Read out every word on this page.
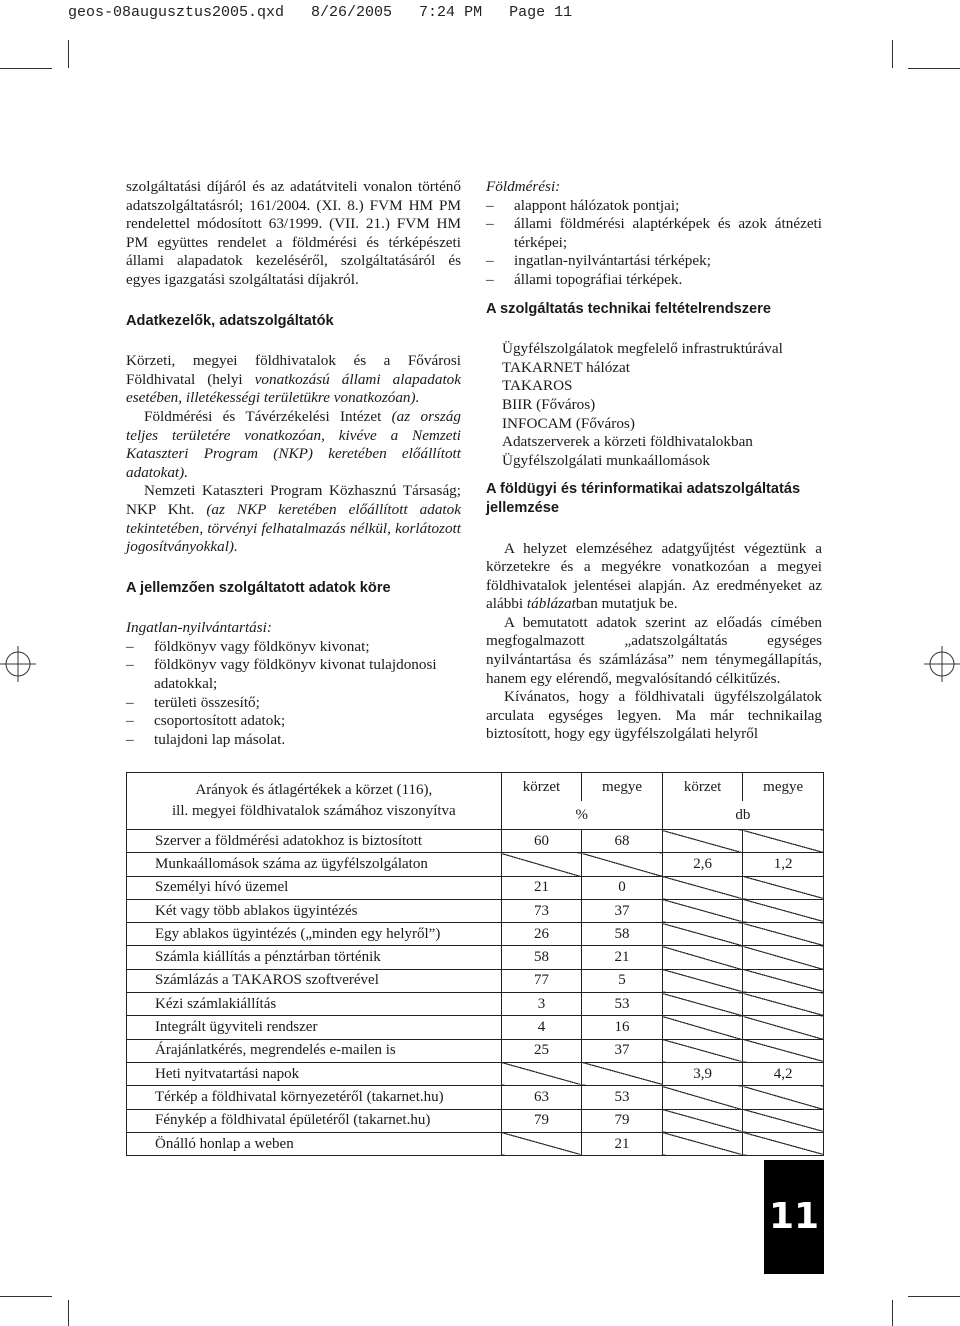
geos-08augusztus2005.qxd   8/26/2005   7:24 PM   Page 11

szolgáltatási díjáról és az adatátviteli vonalon történő adatszolgáltatásról; 161/2004. (XI. 8.) FVM HM PM rendelettel módosított 63/1999. (VII. 21.) FVM HM PM együttes rendelet a földmérési és térképészeti állami alapadatok kezeléséről, szolgáltatásáról és egyes igazgatási szolgáltatási díjakról.

Adatkezelők, adatszolgáltatók

Körzeti, megyei földhivatalok és a Fővárosi Földhivatal (helyi vonatkozású állami alapadatok esetében, illetékességi területükre vonatkozóan).

Földmérési és Távérzékelési Intézet (az ország teljes területére vonatkozóan, kivéve a Nemzeti Kataszteri Program (NKP) keretében előállított adatokat).

Nemzeti Kataszteri Program Közhasznú Társaság; NKP Kht. (az NKP keretében előállított adatok tekintetében, törvényi felhatalmazás nélkül, korlátozott jogosítványokkal).

A jellemzően szolgáltatott adatok köre

Ingatlan-nyilvántartási:

– földkönyv vagy földkönyv kivonat;

– földkönyv vagy földkönyv kivonat tulajdonosi adatokkal;

– területi összesítő;

– csoportosított adatok;

– tulajdoni lap másolat.

Földmérési:

– alappont hálózatok pontjai;

– állami földmérési alaptérképek és azok átnézeti térképei;

– ingatlan-nyilvántartási térképek;

– állami topográfiai térképek.

A szolgáltatás technikai feltételrendszere

Ügyfélszolgálatok megfelelő infrastruktúrával

TAKARNET hálózat

TAKAROS

BIIR (Főváros)

INFOCAM (Főváros)

Adatszerverek a körzeti földhivatalokban

Ügyfélszolgálati munkaállomások

A földügyi és térinformatikai adatszolgáltatás jellemzése

A helyzet elemzéséhez adatgyűjtést végeztünk a körzetekre és a megyékre vonatkozóan a megyei földhivatalok jelentései alapján. Az eredményeket az alábbi táblázatban mutatjuk be.

A bemutatott adatok szerint az előadás címében megfogalmazott „adatszolgáltatás egységes nyilvántartása és számlázása” nem ténymegállapítás, hanem egy elérendő, megvalósítandó célkitűzés.

Kívánatos, hogy a földhivatali ügyfélszolgálatok arculata egységes legyen. Ma már technikailag biztosított, hogy egy ügyfélszolgálati helyről

Arányok és átlagértékek a körzet (116),
ill. megyei földhivatalok számához viszonyítva	körzet	megye	körzet	megye
	%		db	
Szerver a földmérési adatokhoz is biztosított	60	68		
Munkaállomások száma az ügyfélszolgálaton			2,6	1,2
Személyi hívó üzemel	21	0		
Két vagy több ablakos ügyintézés	73	37		
Egy ablakos ügyintézés („minden egy helyről”)	26	58		
Számla kiállítás a pénztárban történik	58	21		
Számlázás a TAKAROS szoftverével	77	5		
Kézi számlakiállítás	3	53		
Integrált ügyviteli rendszer	4	16		
Árajánlatkérés, megrendelés e-mailen is	25	37		
Heti nyitvatartási napok			3,9	4,2
Térkép a földhivatal környezetéről (takarnet.hu)	63	53		
Fénykép a földhivatal épületéről (takarnet.hu)	79	79		
Önálló honlap a weben		21		
11
